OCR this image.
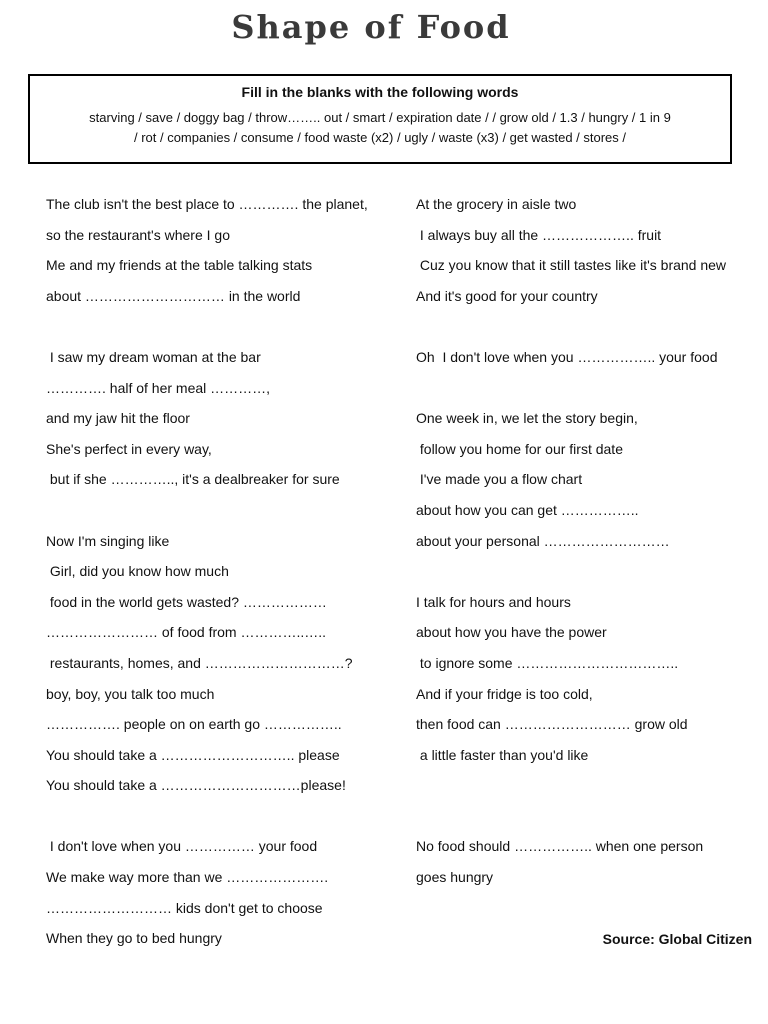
Shape of Food
Fill in the blanks with the following words
starving / save / doggy bag / throw…….. out / smart / expiration date / / grow old / 1.3 / hungry / 1 in 9
/ rot / companies / consume / food waste (x2) / ugly / waste (x3) / get wasted / stores /
The club isn't the best place to …………. the planet,
so the restaurant's where I go
Me and my friends at the table talking stats
about ………………………… in the world
I saw my dream woman at the bar
…………. half of her meal …………,
and my jaw hit the floor
She's perfect in every way,
but if she ………….., it's a dealbreaker for sure
Now I'm singing like
Girl, did you know how much
food in the world gets wasted? ………………
…………………… of food from …………..…..
restaurants, homes, and …………………………?
boy, boy, you talk too much
……………. people on on earth go ……………..
You should take a ……………………….. please
You should take a …………………………please!
I don't love when you …………… your food
We make way more than we ………………….
……………………… kids don't get to choose
When they go to bed hungry
At the grocery in aisle two
I always buy all the ……………….. fruit
Cuz you know that it still tastes like it's brand new
And it's good for your country
Oh  I don't love when you …………….. your food
One week in, we let the story begin,
follow you home for our first date
I've made you a flow chart
about how you can get ……………..
about your personal ………………………
I talk for hours and hours
about how you have the power
to ignore some ……………………………..
And if your fridge is too cold,
then food can ……………………… grow old
a little faster than you'd like
No food should …………….. when one person
goes hungry
Source: Global Citizen
